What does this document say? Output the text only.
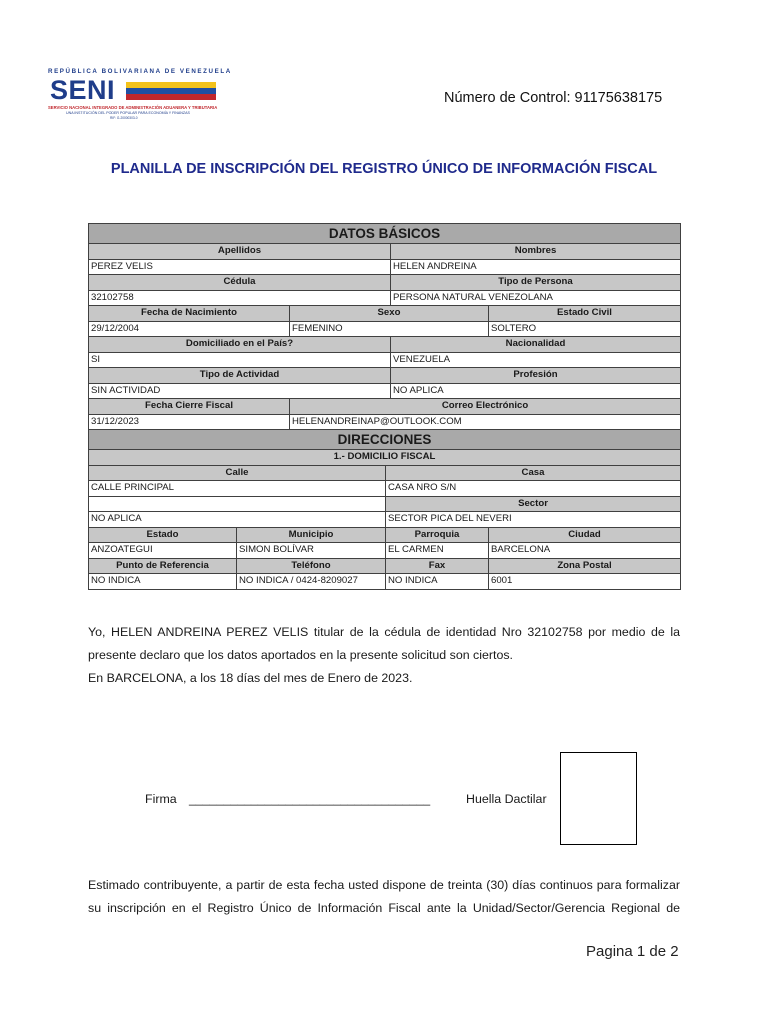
REPÚBLICA BOLIVARIANA DE VENEZUELA
SENI
SERVICIO NACIONAL INTEGRADO DE ADMINISTRACIÓN ADUANERA Y TRIBUTARIA
UNA INSTITUCIÓN DEL PODER POPULAR PARA ECONOMÍA Y FINANZAS
RIF: G-20000303-0
Número de Control: 91175638175
PLANILLA DE INSCRIPCIÓN DEL REGISTRO ÚNICO DE INFORMACIÓN FISCAL
DATOS BÁSICOS					
Apellidos				Nombres	
PEREZ VELIS				HELEN ANDREINA	
Cédula				Tipo de Persona	
32102758				PERSONA NATURAL VENEZOLANA	
Fecha de Nacimiento		Sexo			Estado Civil
29/12/2004		FEMENINO			SOLTERO
Domiciliado en el País?				Nacionalidad	
SI				VENEZUELA	
Tipo de Actividad				Profesión	
SIN ACTIVIDAD				NO APLICA	
Fecha Cierre Fiscal		Correo Electrónico			
31/12/2023		HELENANDREINAP@OUTLOOK.COM			
DIRECCIONES					
1.- DOMICILIO FISCAL					
Calle			Casa		
CALLE PRINCIPAL			CASA NRO S/N		
			Sector		
NO APLICA			SECTOR PICA DEL NEVERI		
Estado	Municipio		Parroquia		Ciudad
ANZOATEGUI	SIMON BOLÍVAR		EL CARMEN		BARCELONA
Punto de Referencia	Teléfono		Fax		Zona Postal
NO INDICA	NO INDICA / 0424-8209027		NO INDICA		6001

Yo, HELEN ANDREINA PEREZ VELIS titular de la cédula de identidad Nro 32102758 por medio de la

presente declaro que los datos aportados en la presente solicitud son ciertos.

En BARCELONA, a los 18 días del mes de Enero de 2023.

Firma ___________________________________	Huella Dactilar

Estimado contribuyente, a partir de esta fecha usted dispone de treinta (30) días continuos para formalizar

su inscripción en el Registro Único de Información Fiscal ante la Unidad/Sector/Gerencia Regional de

Pagina 1 de 2
